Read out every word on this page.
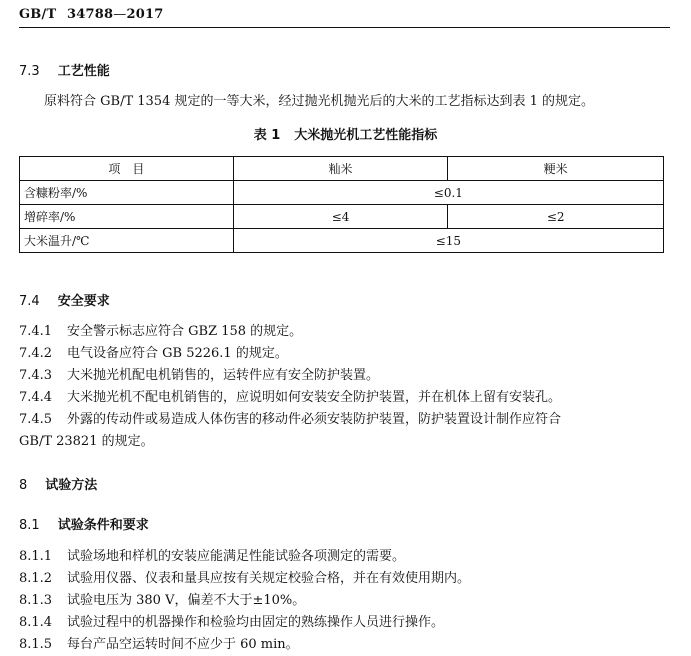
GB/T 34788—2017
7.3 工艺性能
原料符合 GB/T 1354 规定的一等大米，经过抛光机抛光后的大米的工艺指标达到表 1 的规定。
表 1 大米抛光机工艺性能指标
项　目	籼米	粳米
含糠粉率/%	≤0.1	
增碎率/%	≤4	≤2
大米温升/℃	≤15	
7.4 安全要求
7.4.1 安全警示标志应符合 GBZ 158 的规定。
7.4.2 电气设备应符合 GB 5226.1 的规定。
7.4.3 大米抛光机配电机销售的，运转件应有安全防护装置。
7.4.4 大米抛光机不配电机销售的，应说明如何安装安全防护装置，并在机体上留有安装孔。
7.4.5 外露的传动件或易造成人体伤害的移动件必须安装防护装置，防护装置设计制作应符合
GB/T 23821 的规定。
8 试验方法
8.1 试验条件和要求
8.1.1 试验场地和样机的安装应能满足性能试验各项测定的需要。
8.1.2 试验用仪器、仪表和量具应按有关规定校验合格，并在有效使用期内。
8.1.3 试验电压为 380 V，偏差不大于±10%。
8.1.4 试验过程中的机器操作和检验均由固定的熟练操作人员进行操作。
8.1.5 每台产品空运转时间不应少于 60 min。
